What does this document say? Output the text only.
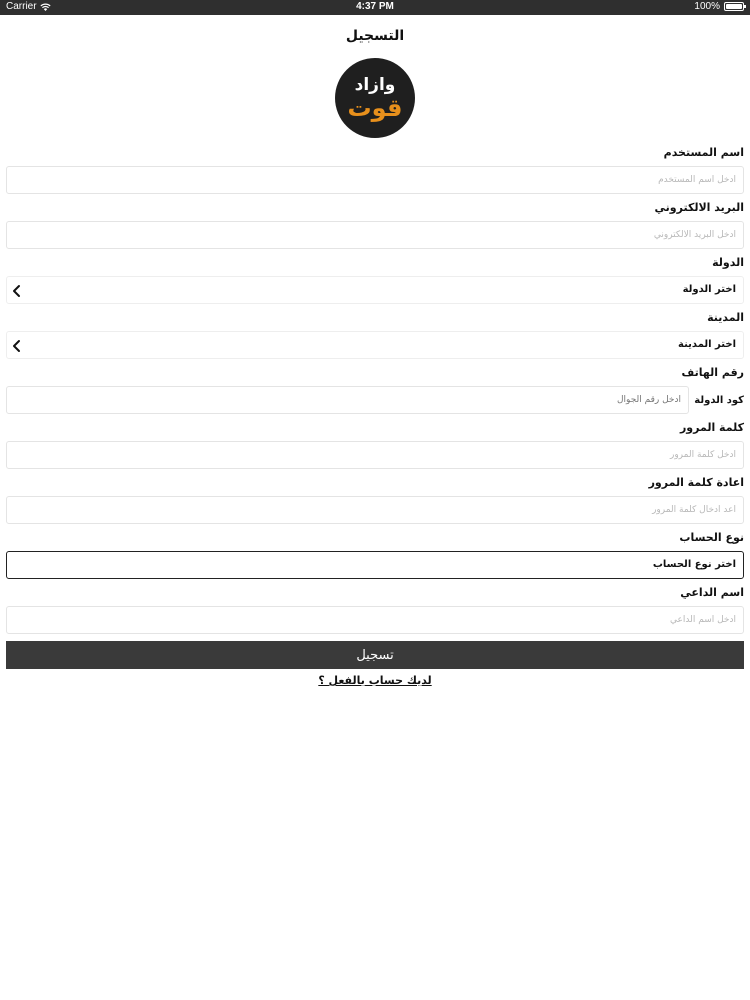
Carrier	4:37 PM	100%
التسجيل
وازاد
قوت
اسم المستخدم
ادخل اسم المستخدم
البريد الالكتروني
ادخل البريد الالكتروني
الدولة
اختر الدولة
المدينة
اختر المدينة
رقم الهاتف
كود الدولة
ادخل رقم الجوال
كلمة المرور
اعادة كلمة المرور
نوع الحساب
اختر نوع الحساب
اسم الداعي
ادخل اسم الداعي
تسجيل
لديك حساب بالفعل ؟
